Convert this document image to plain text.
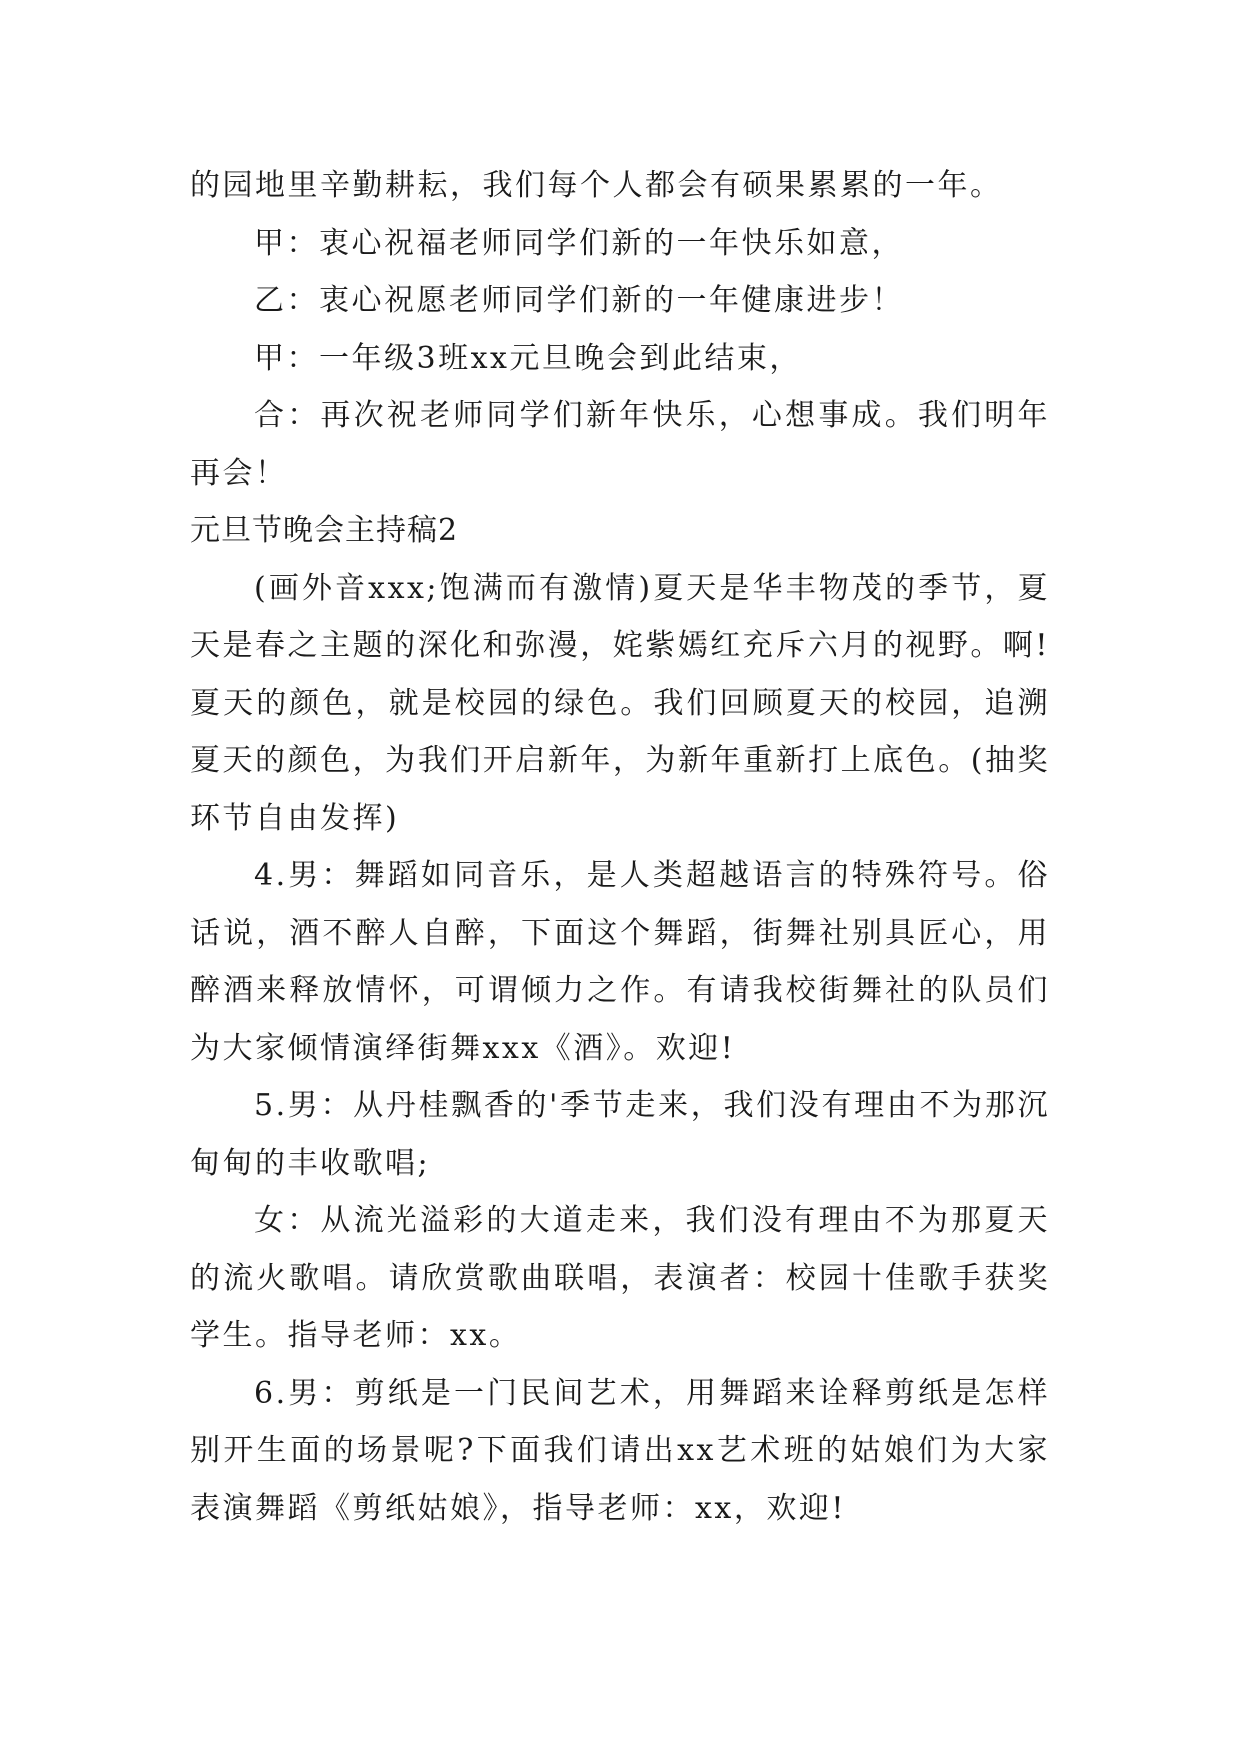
的园地里辛勤耕耘，我们每个人都会有硕果累累的一年。

甲：衷心祝福老师同学们新的一年快乐如意，

乙：衷心祝愿老师同学们新的一年健康进步！

甲：一年级3班xx元旦晚会到此结束，

合：再次祝老师同学们新年快乐，心想事成。我们明年再会！

元旦节晚会主持稿2

(画外音xxx;饱满而有激情)夏天是华丰物茂的季节，夏天是春之主题的深化和弥漫，姹紫嫣红充斥六月的视野。啊!夏天的颜色，就是校园的绿色。我们回顾夏天的校园，追溯夏天的颜色，为我们开启新年，为新年重新打上底色。(抽奖环节自由发挥)

4.男：舞蹈如同音乐，是人类超越语言的特殊符号。俗话说，酒不醉人自醉，下面这个舞蹈，街舞社别具匠心，用醉酒来释放情怀，可谓倾力之作。有请我校街舞社的队员们为大家倾情演绎街舞xxx《酒》。欢迎!

5.男：从丹桂飘香的'季节走来，我们没有理由不为那沉甸甸的丰收歌唱;

女：从流光溢彩的大道走来，我们没有理由不为那夏天的流火歌唱。请欣赏歌曲联唱，表演者：校园十佳歌手获奖学生。指导老师：xx。

6.男：剪纸是一门民间艺术，用舞蹈来诠释剪纸是怎样别开生面的场景呢?下面我们请出xx艺术班的姑娘们为大家表演舞蹈《剪纸姑娘》，指导老师：xx，欢迎!
